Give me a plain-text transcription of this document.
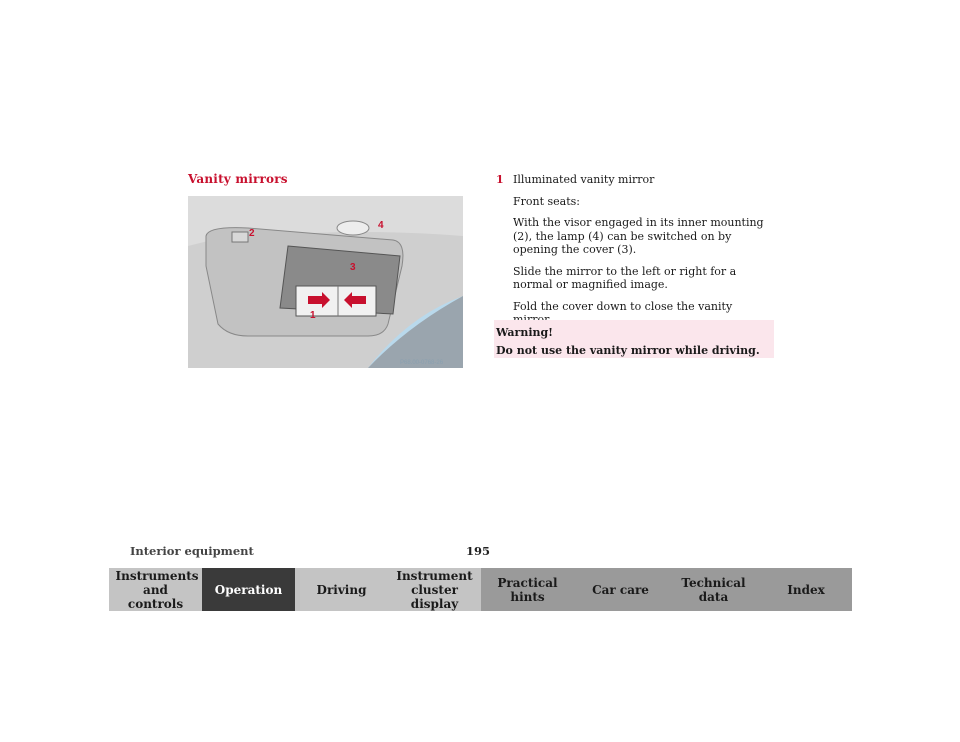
Vanity mirrors
2
4
3
1
P68.00-0768-26
1 Illuminated vanity mirror

Front seats:

With the visor engaged in its inner mounting (2), the lamp (4) can be switched on by opening the cover (3).

Slide the mirror to the left or right for a normal or magnified image.

Fold the cover down to close the vanity

Warning!
Do not use the vanity mirror while driving.
Interior equipment	195
Instruments and controls
Operation	Driving
Instrument cluster display
Practical hints	Car care	Technical data	Index
